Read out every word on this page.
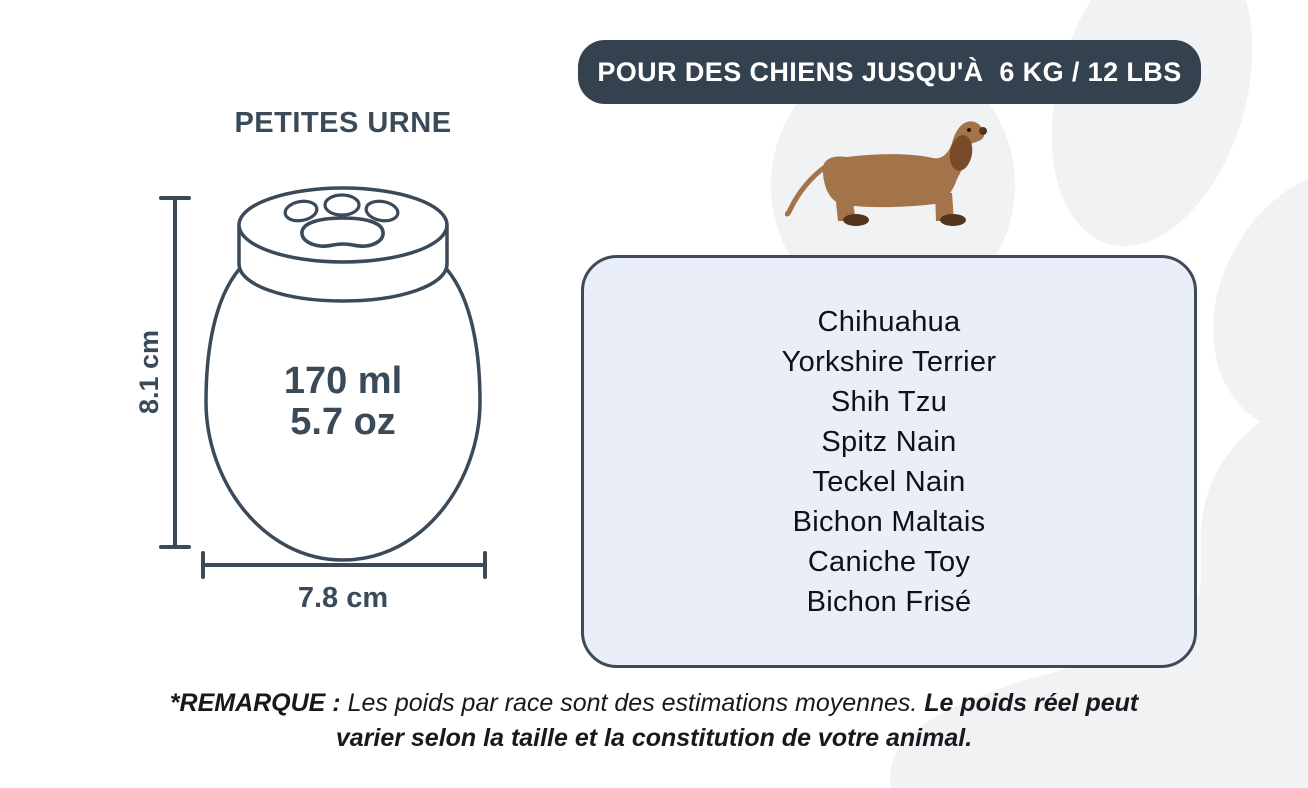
POUR DES CHIENS JUSQU'À  6 KG / 12 LBS
PETITES URNE
8.1 cm	170 ml
5.7 oz
7.8 cm
Chihuahua
Yorkshire Terrier
Shih Tzu
Spitz Nain
Teckel Nain
Bichon Maltais
Caniche Toy
Bichon Frisé
*REMARQUE : Les poids par race sont des estimations moyennes. Le poids réel peut
varier selon la taille et la constitution de votre animal.
